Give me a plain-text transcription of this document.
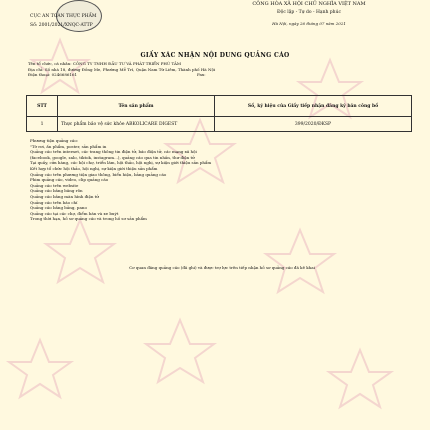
CỤC AN TOÀN THỰC PHẨM
Số: 2001/2021/XNQC-ATTP
CÔNG HÒA XÃ HỘI CHỦ NGHĨA VIỆT NAM
Độc lập - Tự do - Hạnh phúc
Hà Nội, ngày 26 tháng 07 năm 2021
GIẤY XÁC NHẬN NỘI DUNG QUẢNG CÁO
Tên tổ chức, cá nhân: CÔNG TY TNHH ĐẦU TƯ VÀ PHÁT TRIỂN PHÚ TÂM
Địa chỉ: Số nhà 18, đường Đồng Me, Phường Mễ Trì, Quận Nam Từ Liêm, Thành phố Hà Nội
Điện thoại: 0246686161	Fax:
STT	Tên sản phẩm	Số, ký hiệu của Giấy tiếp nhận đăng ký bản công bố
1	Thực phẩm bảo vệ sức khỏe ABKOLICARE DIGEST	399/2020/ĐKSP
Phương tiện quảng cáo:
"Tờ rơi, ấn phẩm, poster, sản phẩm in
Quảng cáo trên internet, các trang thông tin điện tử, báo điện tử, các mạng xã hội
(facebook, google, zalo, tiktok, instagram...), quảng cáo qua tin nhắn, thư điện tử
Tại quầy, cửa hàng, các hội chợ, triển lãm, hội thảo, hội nghị, sự kiện giới thiệu sản phẩm
Kết hợp tổ chức hội thảo, hội nghị, sự kiện giới thiệu sản phẩm
Quảng cáo trên phương tiện giao thông, biển hiệu, bảng quảng cáo
Phim quảng cáo, video, clip quảng cáo
Quảng cáo trên website
Quảng cáo bằng băng rôn
Quảng cáo bằng màn hình điện tử
Quảng cáo trên báo chí
Quảng cáo bằng bảng, pano
Quảng cáo tại các chợ, điểm bán và xe buýt
Trong thời hạn, hồ sơ quảng cáo và trong hồ sơ sản phẩm
Cơ quan đăng quảng cáo (đã ghi) và được trợ lực trên tiếp nhận hồ sơ quảng cáo đã kê khai
